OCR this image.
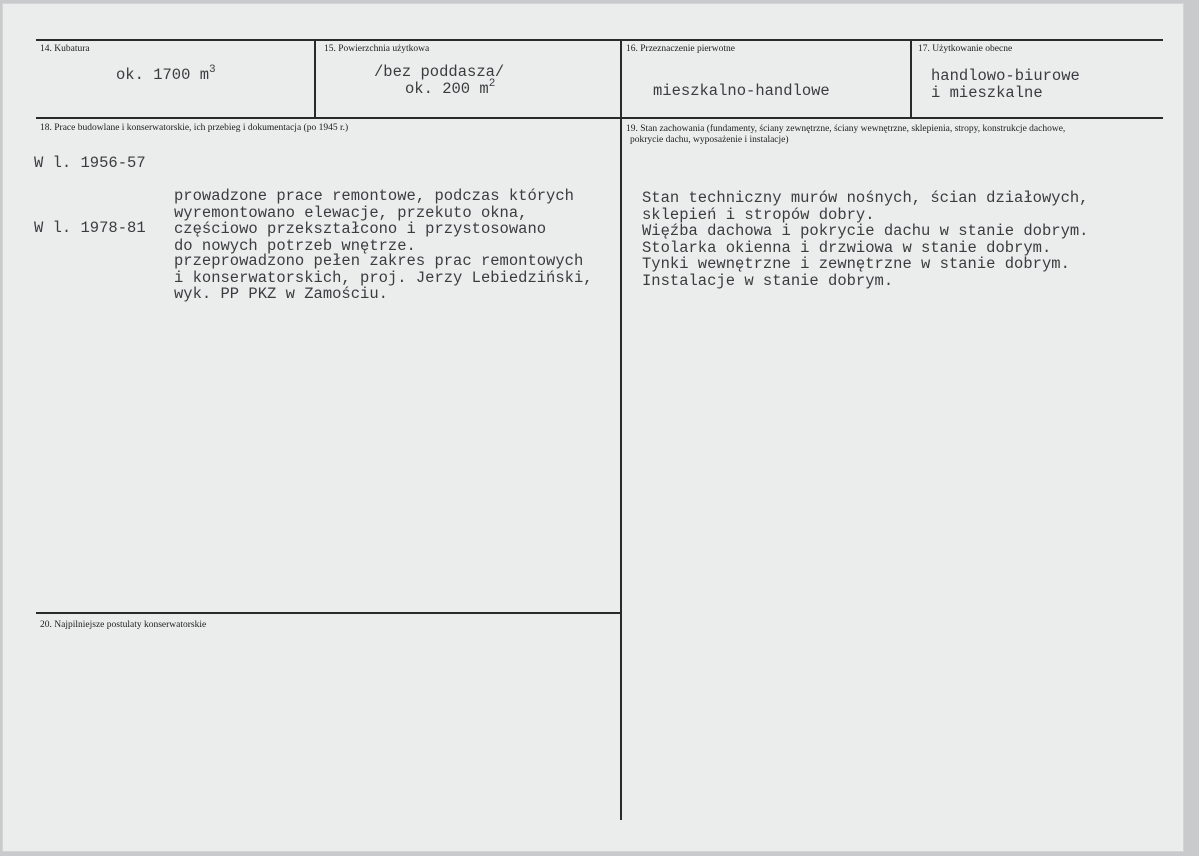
14. Kubatura
ok. 1700 $m^3$
15. Powierzchnia użytkowa
/bez poddasza/
ok. 200 $m^2$
16. Przeznaczenie pierwotne
mieszkalno-handlowe
17. Użytkowanie obecne
handlowo-biurowe
i mieszkalne
18. Prace budowlane i konserwatorskie, ich przebieg i dokumentacja (po 1945 r.)
W l. 1956-57

prowadzone prace remontowe, podczas których
wyremontowano elewacje, przekuto okna,
częściowo przekształcono i przystosowano
do nowych potrzeb wnętrze.

W l. 1978-81

przeprowadzono pełen zakres prac remontowych
i konserwatorskich, proj. Jerzy Lebiedziński,
wyk. PP PKZ w Zamościu.

19. Stan zachowania (fundamenty, ściany zewnętrzne, ściany wewnętrzne, sklepienia, stropy, konstrukcje dachowe,
pokrycie dachu, wyposażenie i instalacje)

Stan techniczny murów nośnych, ścian działowych,
sklepień i stropów dobry.
Więźba dachowa i pokrycie dachu w stanie dobrym.
Stolarka okienna i drzwiowa w stanie dobrym.
Tynki wewnętrzne i zewnętrzne w stanie dobrym.
Instalacje w stanie dobrym.

20. Najpilniejsze postulaty konserwatorskie
